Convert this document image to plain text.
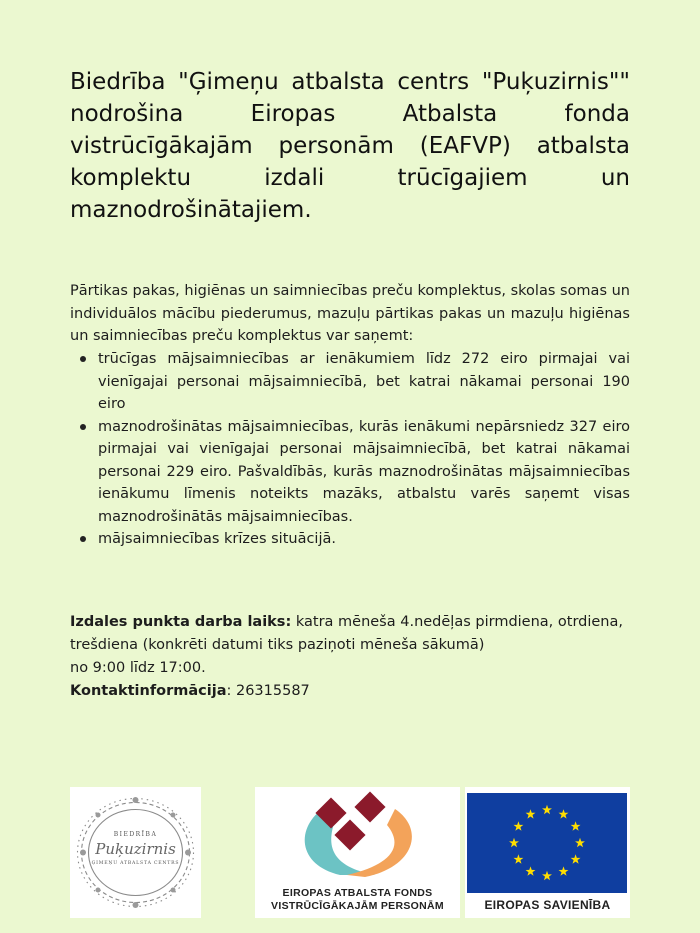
Biedrība "Ģimeņu atbalsta centrs "Puķuzirnis"" nodrošina Eiropas Atbalsta fonda vistrūcīgākajām personām (EAFVP) atbalsta komplektu izdali trūcīgajiem un maznodrošinātajiem.

Pārtikas pakas, higiēnas un saimniecības preču komplektus, skolas somas un individuālos mācību piederumus, mazuļu pārtikas pakas un mazuļu higiēnas un saimniecības preču komplektus var saņemt:

trūcīgas mājsaimniecības ar ienākumiem līdz 272 eiro pirmajai vai vienīgajai personai mājsaimniecībā, bet katrai nākamai personai 190 eiro
maznodrošinātas mājsaimniecības, kurās ienākumi nepārsniedz 327 eiro pirmajai vai vienīgajai personai mājsaimniecībā, bet katrai nākamai personai 229 eiro. Pašvaldībās, kurās maznodrošinātas mājsaimniecības ienākumu līmenis noteikts mazāks, atbalstu varēs saņemt visas maznodrošinātās mājsaimniecības.
mājsaimniecības krīzes situācijā.
Izdales punkta darba laiks: katra mēneša 4.nedēļas pirmdiena, otrdiena, trešdiena (konkrēti datumi tiks paziņoti mēneša sākumā)
no 9:00 līdz 17:00.
Kontaktinformācija: 26315587
BIEDRĪBA
Puķuzirnis
ĢIMEŅU ATBALSTA CENTRS
EIROPAS ATBALSTA FONDS
VISTRŪCĪGĀKAJĀM PERSONĀM	EIROPAS SAVIENĪBA
